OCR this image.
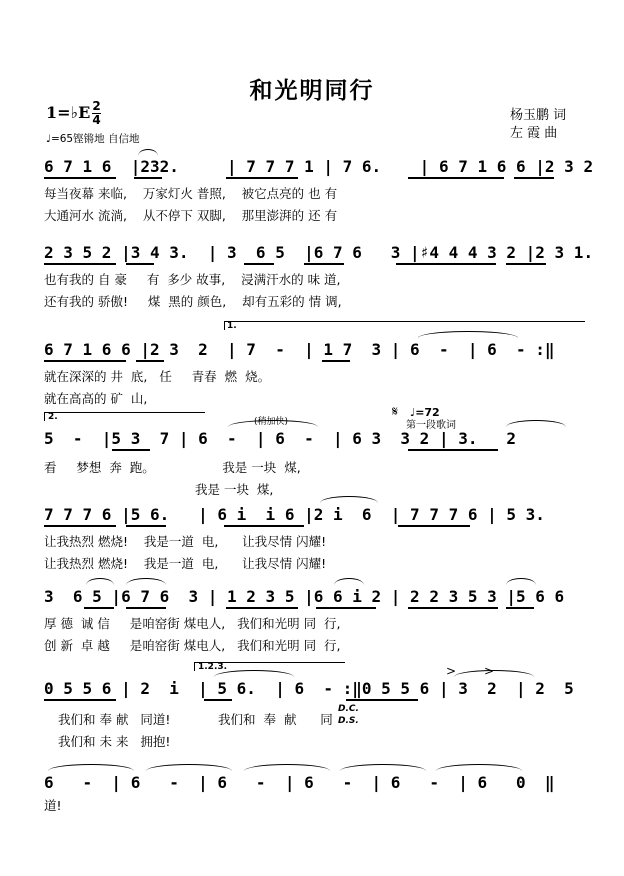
和光明同行
杨玉鹏 词
左 霞 曲
1=♭E 2
4
♩=65铿锵地 自信地
6 7 1 6  |232.     | 7 7 7 1 | 7 6.    | 6 7 1 6 6 |2 3 2
每当夜幕 来临,    万家灯火 普照,    被它点亮的 也 有
大通河水 流淌,    从不停下 双脚,    那里澎湃的 还 有
2 3 5 2 |3 4 3.  | 3  6 5  |6 7 6   3 |♯4 4 4 3 2 |2 3 1.
也有我的 自 豪     有  多少 故事,    浸满汗水的 味 道,
还有我的 骄傲!     煤  黑的 颜色,    却有五彩的 情 调,
1.
6 7 1 6 6 |2 3  2  | 7  -  | 1 7  3 | 6  -  | 6  - :‖
就在深深的 井  底,   任     青春  燃  烧。
就在高高的 矿  山,
2.	(稍加快)
𝄋 ♩=72
第一段歌词
5  -  |5 3  7 | 6  -  | 6  -  | 6 3  3 2 | 3.   2
看     梦想  奔  跑。                 我是 一块  煤,
我是 一块  煤,
7 7 7 6 |5 6.   | 6 i  i 6 |2 i  6  | 7 7 7 6 | 5 3.
让我热烈 燃烧!    我是一道  电,      让我尽情 闪耀!
让我热烈 燃烧!    我是一道  电,      让我尽情 闪耀!
3  6 5 |6 7 6  3 | 1 2 3 5 |6 6 i 2 | 2 2 3 5 3 |5 6 6
厚 德  诚 信     是咱窑街 煤电人,   我们和光明 同  行,
创 新  卓 越     是咱窑街 煤电人,   我们和光明 同  行,
1.2.3.	> >
0 5 5 6 | 2  i  | 5 6.  | 6  - :‖0 5 5 6 | 3  2  | 2  5
我们和 奉 献   同道!            我们和  奉  献      同
我们和 未 来   拥抱!
D.C.
D.S.
6   -  | 6   -  | 6   -  | 6   -  | 6   -  | 6   0  ‖
道!
